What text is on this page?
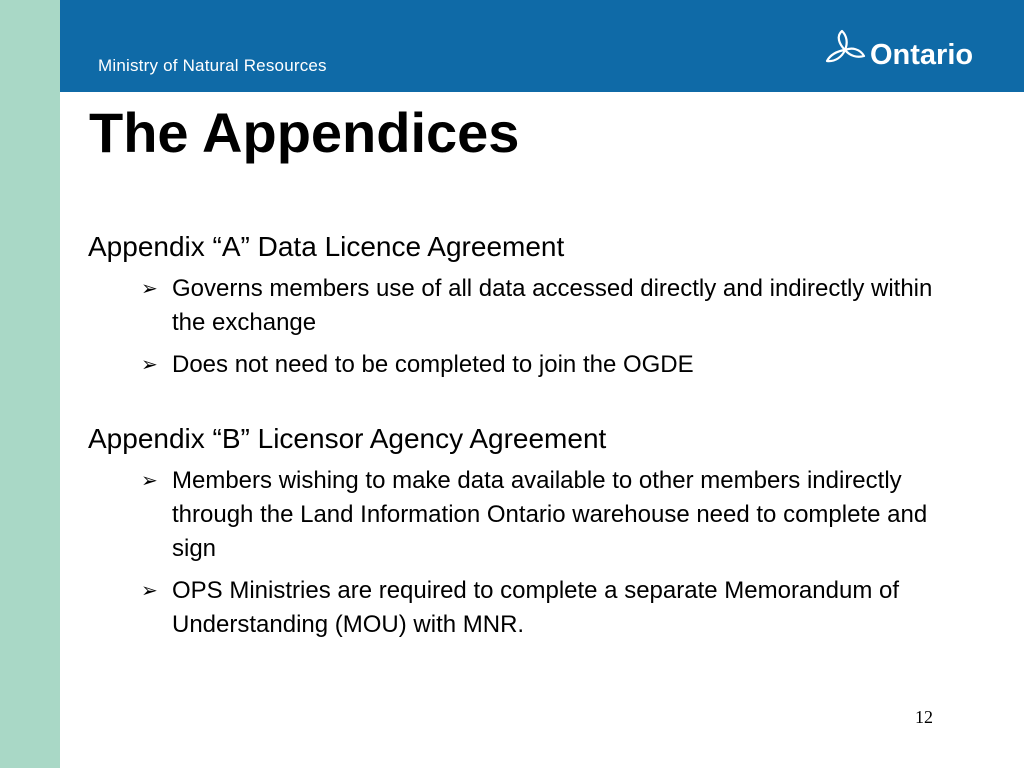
Ministry of Natural Resources	Ontario
The Appendices

Appendix “A” Data Licence Agreement

➢ Governs members use of all data accessed directly and indirectly within the exchange
➢ Does not need to be completed to join the OGDE

Appendix “B” Licensor Agency Agreement

➢ Members wishing to make data available to other members indirectly through the Land Information Ontario warehouse need to complete and sign
➢ OPS Ministries are required to complete a separate Memorandum of Understanding (MOU) with MNR.
12
